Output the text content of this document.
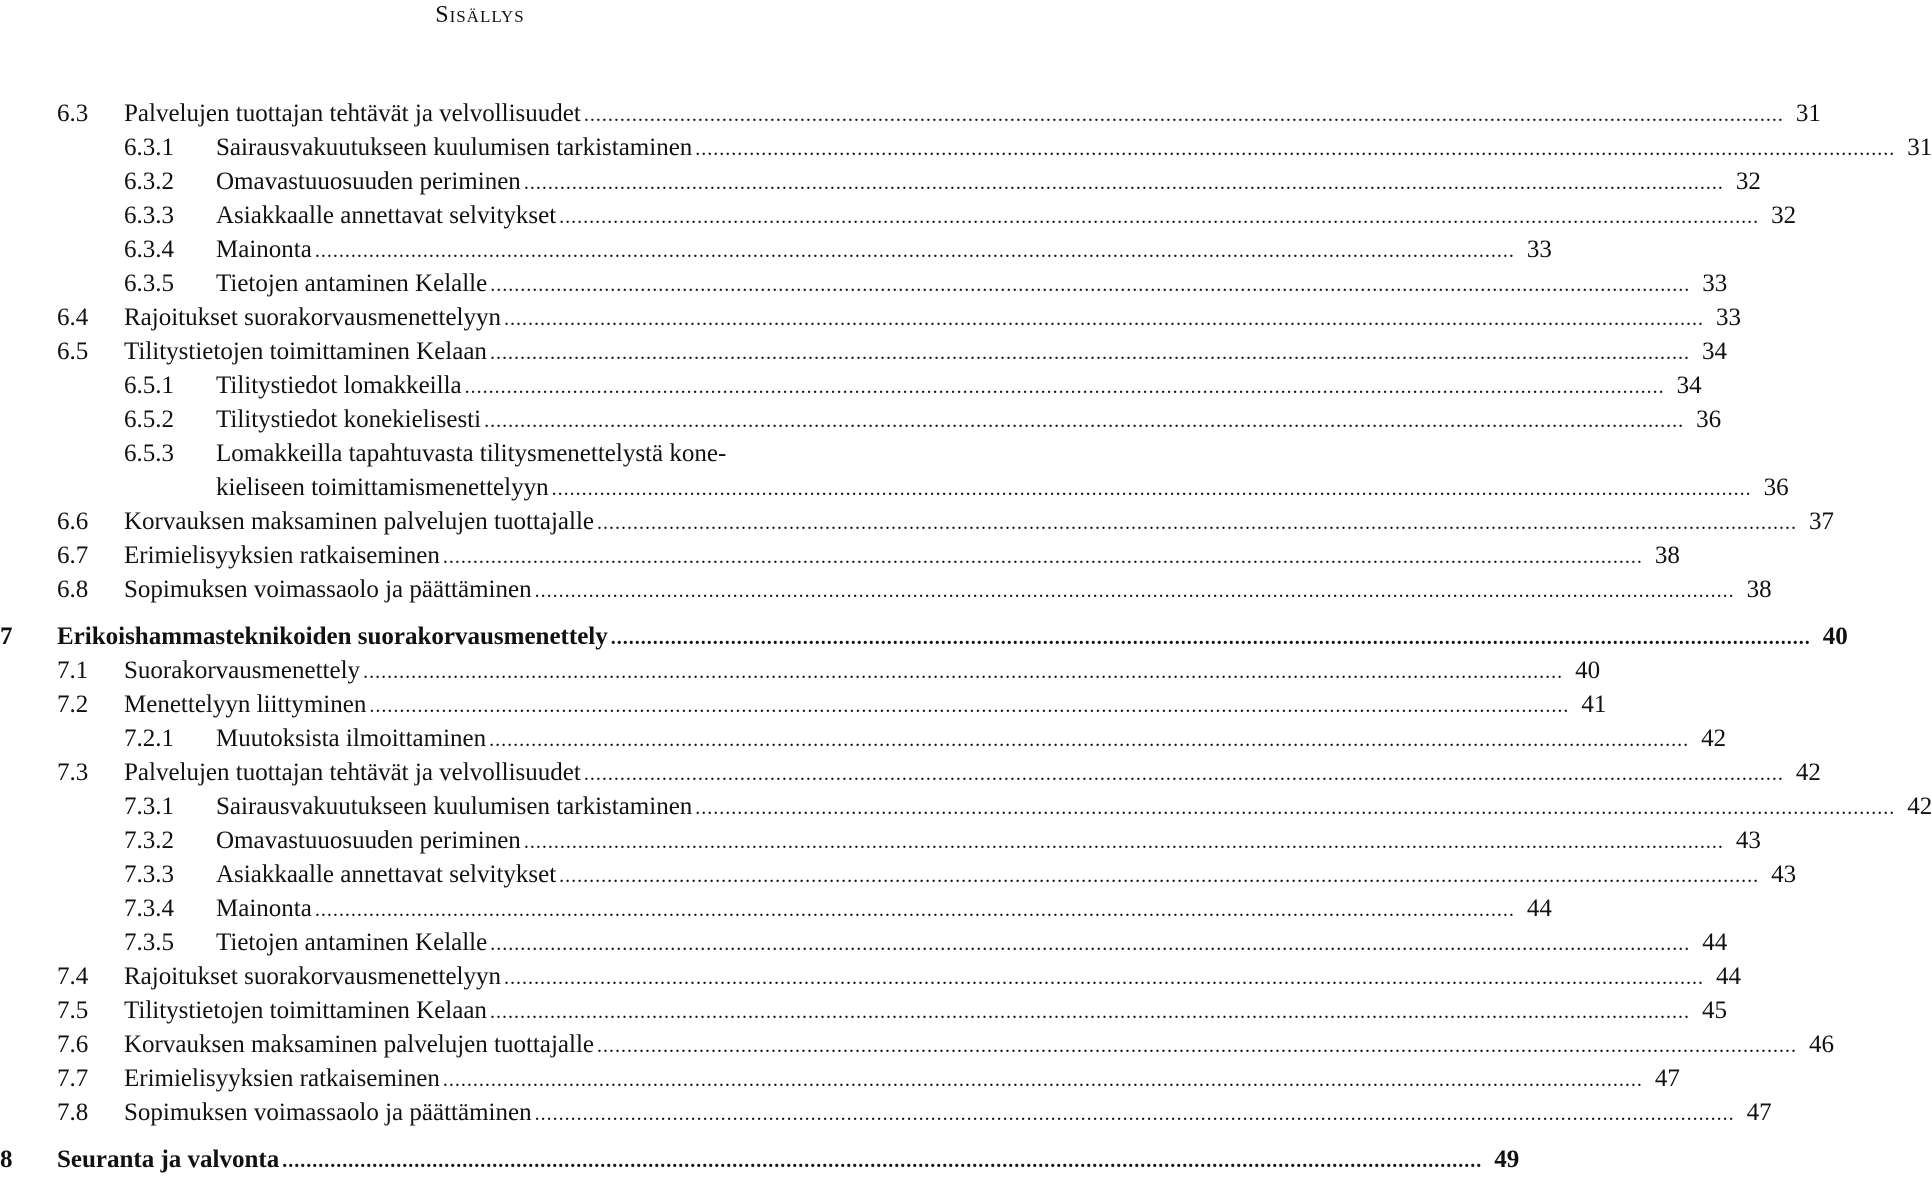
Sisällys
6.3 Palvelujen tuottajan tehtävät ja velvollisuudet ........................................................................................................................................................................................................ 31
6.3.1 Sairausvakuutukseen kuulumisen tarkistaminen ........................................................................................................................................................................................................ 31
6.3.2 Omavastuuosuuden periminen ........................................................................................................................................................................................................ 32
6.3.3 Asiakkaalle annettavat selvitykset ........................................................................................................................................................................................................ 32
6.3.4 Mainonta ........................................................................................................................................................................................................ 33
6.3.5 Tietojen antaminen Kelalle ........................................................................................................................................................................................................ 33
6.4 Rajoitukset suorakorvausmenettelyyn ........................................................................................................................................................................................................ 33
6.5 Tilitystietojen toimittaminen Kelaan ........................................................................................................................................................................................................ 34
6.5.1 Tilitystiedot lomakkeilla ........................................................................................................................................................................................................ 34
6.5.2 Tilitystiedot konekielisesti ........................................................................................................................................................................................................ 36
6.5.3 Lomakkeilla tapahtuvasta tilitysmenettelystä kone-
kieliseen toimittamismenettelyyn ........................................................................................................................................................................................................ 36
6.6 Korvauksen maksaminen palvelujen tuottajalle ........................................................................................................................................................................................................ 37
6.7 Erimielisyyksien ratkaiseminen ........................................................................................................................................................................................................ 38
6.8 Sopimuksen voimassaolo ja päättäminen ........................................................................................................................................................................................................ 38
7 Erikoishammasteknikoiden suorakorvausmenettely ........................................................................................................................................................................................................ 40
7.1 Suorakorvausmenettely ........................................................................................................................................................................................................ 40
7.2 Menettelyyn liittyminen ........................................................................................................................................................................................................ 41
7.2.1 Muutoksista ilmoittaminen ........................................................................................................................................................................................................ 42
7.3 Palvelujen tuottajan tehtävät ja velvollisuudet ........................................................................................................................................................................................................ 42
7.3.1 Sairausvakuutukseen kuulumisen tarkistaminen ........................................................................................................................................................................................................ 42
7.3.2 Omavastuuosuuden periminen ........................................................................................................................................................................................................ 43
7.3.3 Asiakkaalle annettavat selvitykset ........................................................................................................................................................................................................ 43
7.3.4 Mainonta ........................................................................................................................................................................................................ 44
7.3.5 Tietojen antaminen Kelalle ........................................................................................................................................................................................................ 44
7.4 Rajoitukset suorakorvausmenettelyyn ........................................................................................................................................................................................................ 44
7.5 Tilitystietojen toimittaminen Kelaan ........................................................................................................................................................................................................ 45
7.6 Korvauksen maksaminen palvelujen tuottajalle ........................................................................................................................................................................................................ 46
7.7 Erimielisyyksien ratkaiseminen ........................................................................................................................................................................................................ 47
7.8 Sopimuksen voimassaolo ja päättäminen ........................................................................................................................................................................................................ 47
8 Seuranta ja valvonta ........................................................................................................................................................................................................ 49
